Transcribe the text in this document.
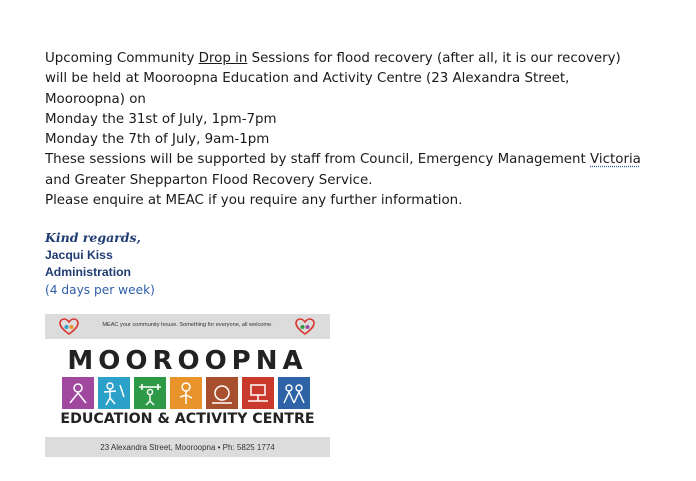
Upcoming Community Drop in Sessions for flood recovery (after all, it is our recovery)

will be held at Mooroopna Education and Activity Centre (23 Alexandra Street,

Mooroopna) on

Monday the 31st of July, 1pm-7pm

Monday the 7th of July, 9am-1pm

These sessions will be supported by staff from Council, Emergency Management Victoria

and Greater Shepparton Flood Recovery Service.

Please enquire at MEAC if you require any further information.

Kind regards,
Jacqui Kiss
Administration
(4 days per week)
MEAC your community house. Something for everyone, all welcome.
MOOROOPNA
EDUCATION & ACTIVITY CENTRE
23 Alexandra Street, Mooroopna • Ph: 5825 1774
